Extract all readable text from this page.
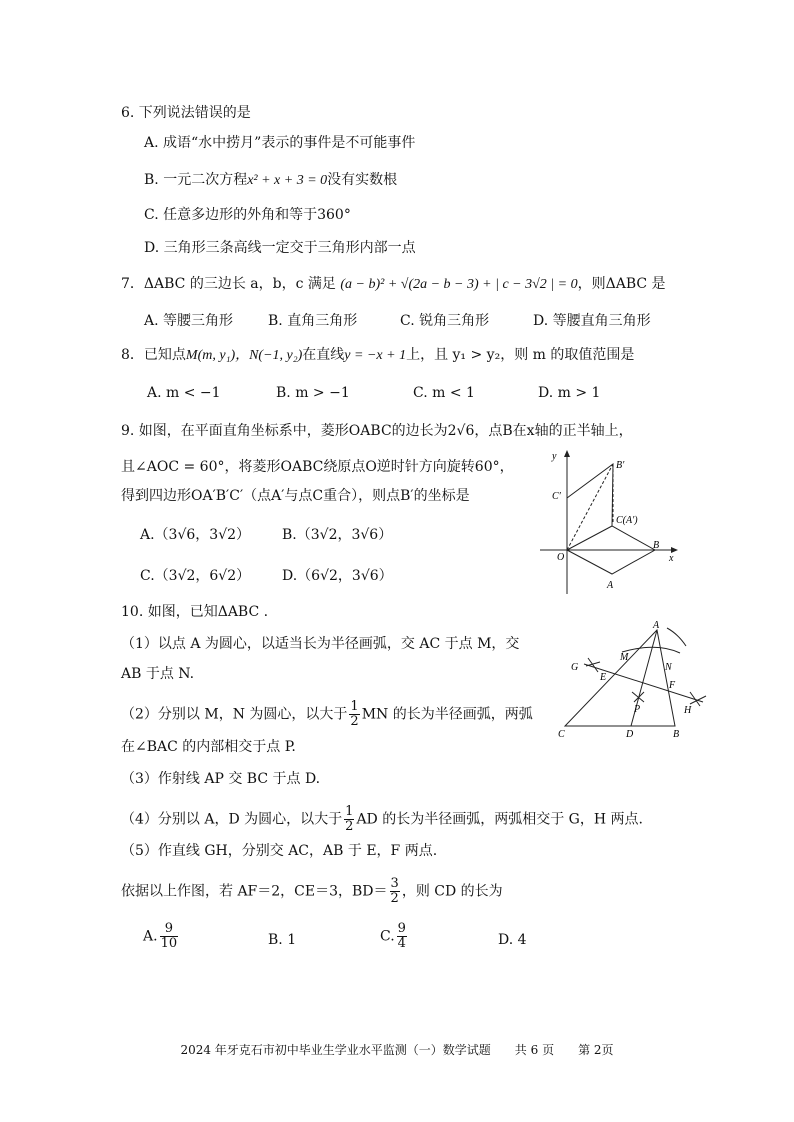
6. 下列说法错误的是
A. 成语“水中捞月”表示的事件是不可能事件
B. 一元二次方程x² + x + 3 = 0没有实数根
C. 任意多边形的外角和等于360°
D. 三角形三条高线一定交于三角形内部一点
7．ΔABC 的三边长 a，b，c 满足 (a − b)² + √(2a − b − 3) + | c − 3√2 | = 0，则ΔABC 是
A. 等腰三角形 B. 直角三角形	C. 锐角三角形	D. 等腰直角三角形
8．已知点M(m, y₁)，N(−1, y₂)在直线y = −x + 1上，且 y₁ > y₂，则 m 的取值范围是
A. m < −1	B. m > −1	C. m < 1	D. m > 1
9. 如图，在平面直角坐标系中，菱形OABC的边长为2√6，点B在x轴的正半轴上，
且∠AOC = 60°，将菱形OABC绕原点O逆时针方向旋转60°，
得到四边形OA′B′C′（点A′与点C重合），则点B′的坐标是
A.（3√6，3√2） B.（3√2，3√6）
C.（3√2，6√2） D.（6√2，3√6）
y
x
B′
C′
C(A′)
O
B
A
10. 如图，已知ΔABC .
（1）以点 A 为圆心，以适当长为半径画弧，交 AC 于点 M，交
AB 于点 N.
（2）分别以 M，N 为圆心，以大于 $\frac{1}{2}$ MN 的长为半径画弧，两弧
在∠BAC 的内部相交于点 P.
（3）作射线 AP 交 BC 于点 D.
（4）分别以 A，D 为圆心，以大于 $\frac{1}{2}$ AD 的长为半径画弧，两弧相交于 G，H 两点.
（5）作直线 GH，分别交 AC，AB 于 E，F 两点.
依据以上作图，若 AF＝2，CE＝3，$BD= \frac{3}{2}$ ，则 CD 的长为
A. $\frac{9}{10}$	B. 1	C. $\frac{9}{4}$	D. 4
A
G
M
N
E
F
P	H
C	D	B
2024 年牙克石市初中毕业生学业水平监测（一）数学试题　　共 6 页　　第 2页
